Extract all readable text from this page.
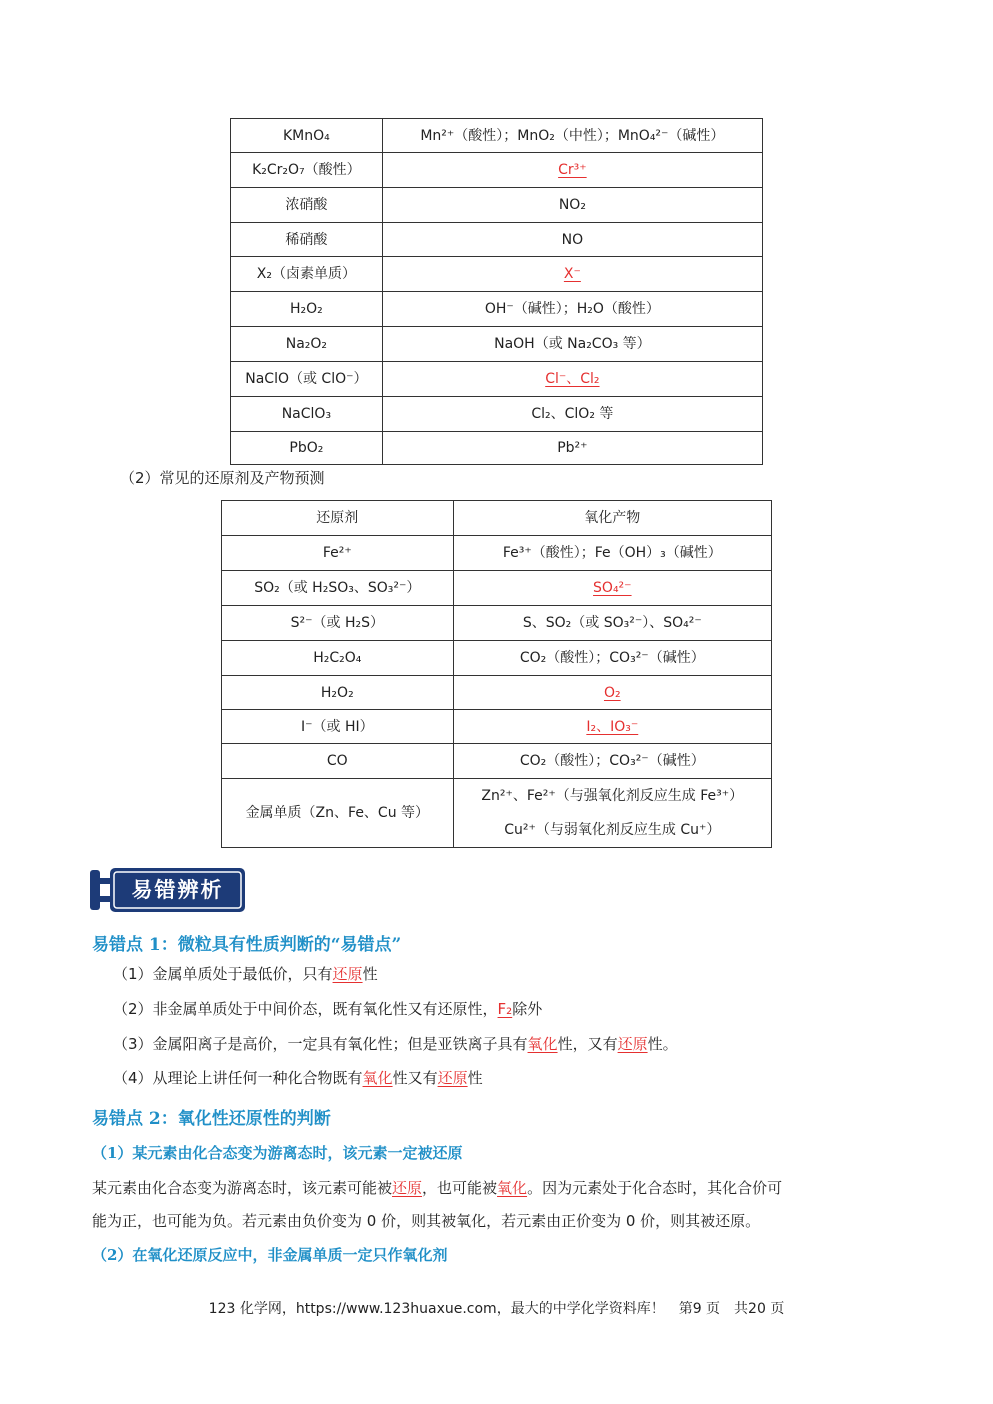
KMnO₄	Mn²⁺（酸性）；MnO₂（中性）；MnO₄²⁻（碱性）
K₂Cr₂O₇（酸性）	Cr³⁺
浓硝酸	NO₂
稀硝酸	NO
X₂（卤素单质）	X⁻
H₂O₂	OH⁻（碱性）；H₂O（酸性）
Na₂O₂	NaOH（或 Na₂CO₃ 等）
NaClO（或 ClO⁻）	Cl⁻、Cl₂
NaClO₃	Cl₂、ClO₂ 等
PbO₂	Pb²⁺
（2）常见的还原剂及产物预测
还原剂	氧化产物
Fe²⁺	Fe³⁺（酸性）；Fe（OH）₃（碱性）
SO₂（或 H₂SO₃、SO₃²⁻）	SO₄²⁻
S²⁻（或 H₂S）	S、SO₂（或 SO₃²⁻）、SO₄²⁻
H₂C₂O₄	CO₂（酸性）；CO₃²⁻（碱性）
H₂O₂	O₂
I⁻（或 HI）	I₂、IO₃⁻
CO	CO₂（酸性）；CO₃²⁻（碱性）
金属单质（Zn、Fe、Cu 等）	Zn²⁺、Fe²⁺（与强氧化剂反应生成 Fe³⁺）
Cu²⁺（与弱氧化剂反应生成 Cu⁺）
易错辨析
易错点 1：微粒具有性质判断的“易错点”
（1）金属单质处于最低价，只有还原性
（2）非金属单质处于中间价态，既有氧化性又有还原性，F₂除外
（3）金属阳离子是高价，一定具有氧化性；但是亚铁离子具有氧化性，又有还原性。
（4）从理论上讲任何一种化合物既有氧化性又有还原性
易错点 2：氧化性还原性的判断
（1）某元素由化合态变为游离态时，该元素一定被还原
某元素由化合态变为游离态时，该元素可能被还原，也可能被氧化。因为元素处于化合态时，其化合价可
能为正，也可能为负。若元素由负价变为 0 价，则其被氧化，若元素由正价变为 0 价，则其被还原。
（2）在氧化还原反应中，非金属单质一定只作氧化剂
123 化学网，https://www.123huaxue.com，最大的中学化学资料库！　第9 页　共20 页
